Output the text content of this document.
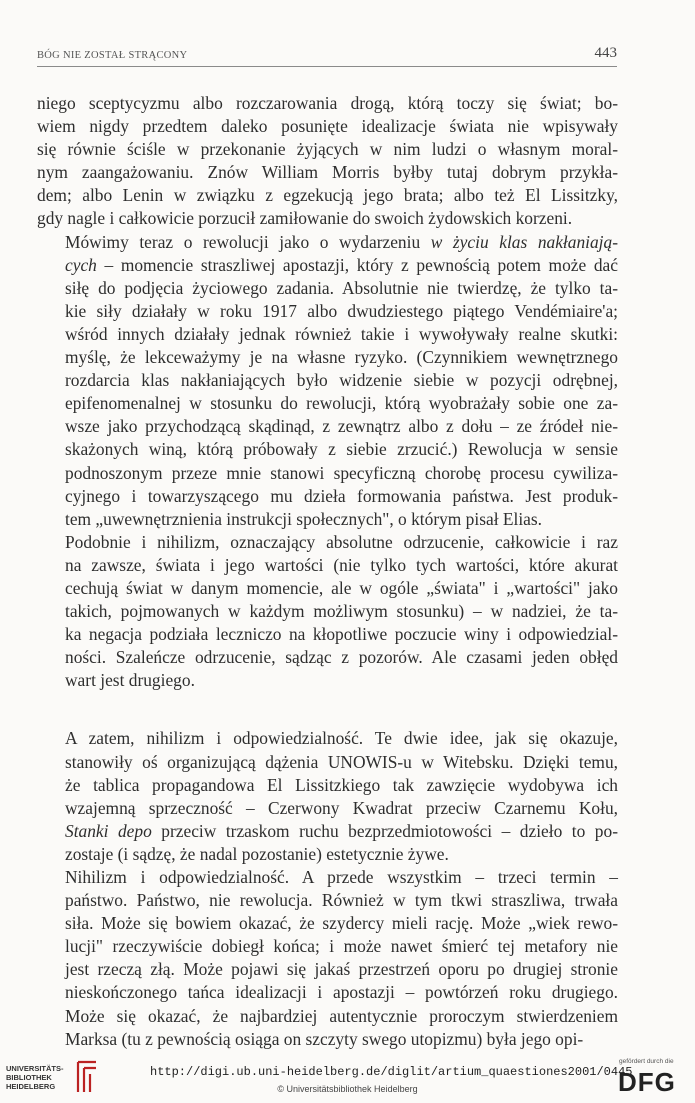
BÓG NIE ZOSTAŁ STRĄCONY	443

niego sceptycyzmu albo rozczarowania drogą, którą toczy się świat; bo-
wiem nigdy przedtem daleko posunięte idealizacje świata nie wpisywały
się równie ściśle w przekonanie żyjących w nim ludzi o własnym moral-
nym zaangażowaniu. Znów William Morris byłby tutaj dobrym przykła-
dem; albo Lenin w związku z egzekucją jego brata; albo też El Lissitzky,
gdy nagle i całkowicie porzucił zamiłowanie do swoich żydowskich korzeni.

Mówimy teraz o rewolucji jako o wydarzeniu w życiu klas nakłaniają-
cych – momencie straszliwej apostazji, który z pewnością potem może dać
siłę do podjęcia życiowego zadania. Absolutnie nie twierdzę, że tylko ta-
kie siły działały w roku 1917 albo dwudziestego piątego Vendémiaire'a;
wśród innych działały jednak również takie i wywoływały realne skutki:
myślę, że lekceważymy je na własne ryzyko. (Czynnikiem wewnętrznego
rozdarcia klas nakłaniających było widzenie siebie w pozycji odrębnej,
epifenomenalnej w stosunku do rewolucji, którą wyobrażały sobie one za-
wsze jako przychodzącą skądinąd, z zewnątrz albo z dołu – ze źródeł nie-
skażonych winą, którą próbowały z siebie zrzucić.) Rewolucja w sensie
podnoszonym przeze mnie stanowi specyficzną chorobę procesu cywiliza-
cyjnego i towarzyszącego mu dzieła formowania państwa. Jest produk-
tem „uwewnętrznienia instrukcji społecznych", o którym pisał Elias.

Podobnie i nihilizm, oznaczający absolutne odrzucenie, całkowicie i raz
na zawsze, świata i jego wartości (nie tylko tych wartości, które akurat
cechują świat w danym momencie, ale w ogóle „świata" i „wartości" jako
takich, pojmowanych w każdym możliwym stosunku) – w nadziei, że ta-
ka negacja podziała leczniczo na kłopotliwe poczucie winy i odpowiedzial-
ności. Szaleńcze odrzucenie, sądząc z pozorów. Ale czasami jeden obłęd
wart jest drugiego.

A zatem, nihilizm i odpowiedzialność. Te dwie idee, jak się okazuje,
stanowiły oś organizującą dążenia UNOWIS-u w Witebsku. Dzięki temu,
że tablica propagandowa El Lissitzkiego tak zawzięcie wydobywa ich
wzajemną sprzeczność – Czerwony Kwadrat przeciw Czarnemu Kołu,
Stanki depo przeciw trzaskom ruchu bezprzedmiotowości – dzieło to po-
zostaje (i sądzę, że nadal pozostanie) estetycznie żywe.

Nihilizm i odpowiedzialność. A przede wszystkim – trzeci termin –
państwo. Państwo, nie rewolucja. Również w tym tkwi straszliwa, trwała
siła. Może się bowiem okazać, że szydercy mieli rację. Może „wiek rewo-
lucji" rzeczywiście dobiegł końca; i może nawet śmierć tej metafory nie
jest rzeczą złą. Może pojawi się jakaś przestrzeń oporu po drugiej stronie
nieskończonego tańca idealizacji i apostazji – powtórzeń roku drugiego.
Może się okazać, że najbardziej autentycznie proroczym stwierdzeniem
Marksa (tu z pewnością osiąga on szczyty swego utopizmu) była jego opi-

UNIVERSITÄTS-
BIBLIOTHEK
HEIDELBERG
http://digi.ub.uni-heidelberg.de/diglit/artium_quaestiones2001/0445
© Universitätsbibliothek Heidelberg
gefördert durch die
DFG
